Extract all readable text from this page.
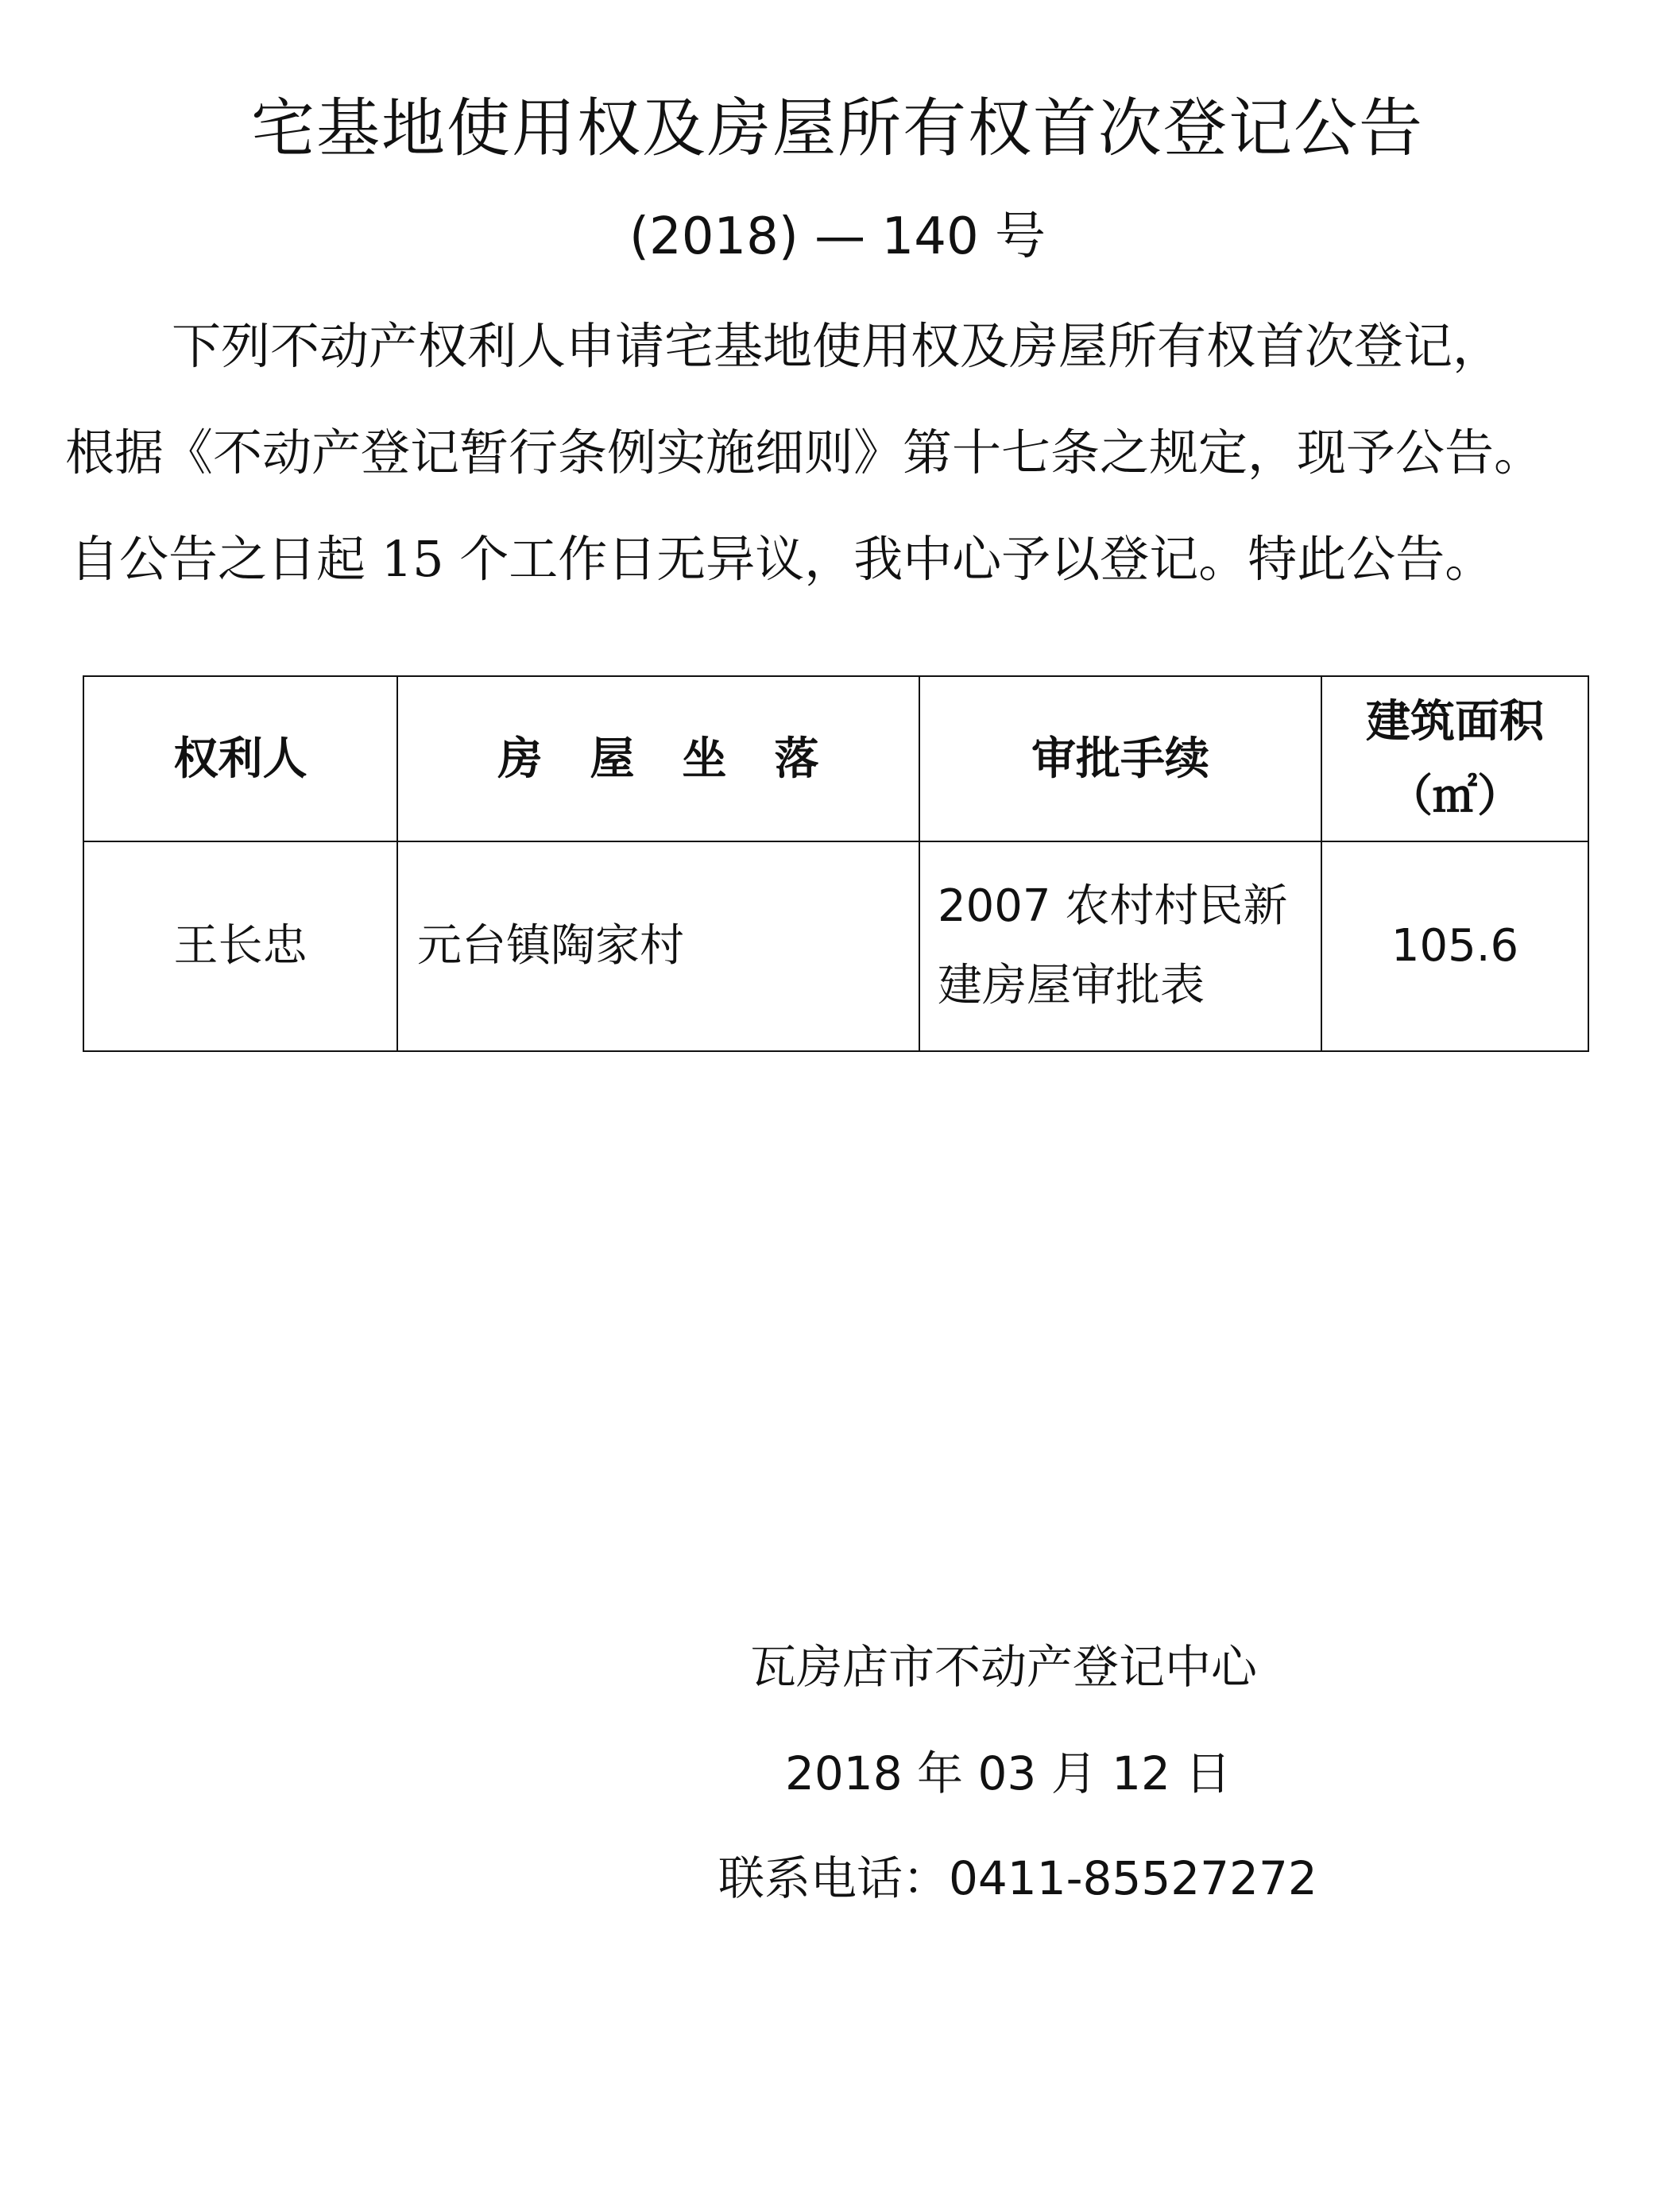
宅基地使用权及房屋所有权首次登记公告
(2018) — 140 号
下列不动产权利人申请宅基地使用权及房屋所有权首次登记，
根据《不动产登记暂行条例实施细则》第十七条之规定，现予公告。
自公告之日起 15 个工作日无异议，我中心予以登记。特此公告。
权利人	房屋坐落	审批手续	建筑面积
（㎡）

王长忠	元台镇陶家村	2007 农村村民新建房屋审批表	105.6
瓦房店市不动产登记中心
2018 年 03 月 12 日
联系电话：0411-85527272
